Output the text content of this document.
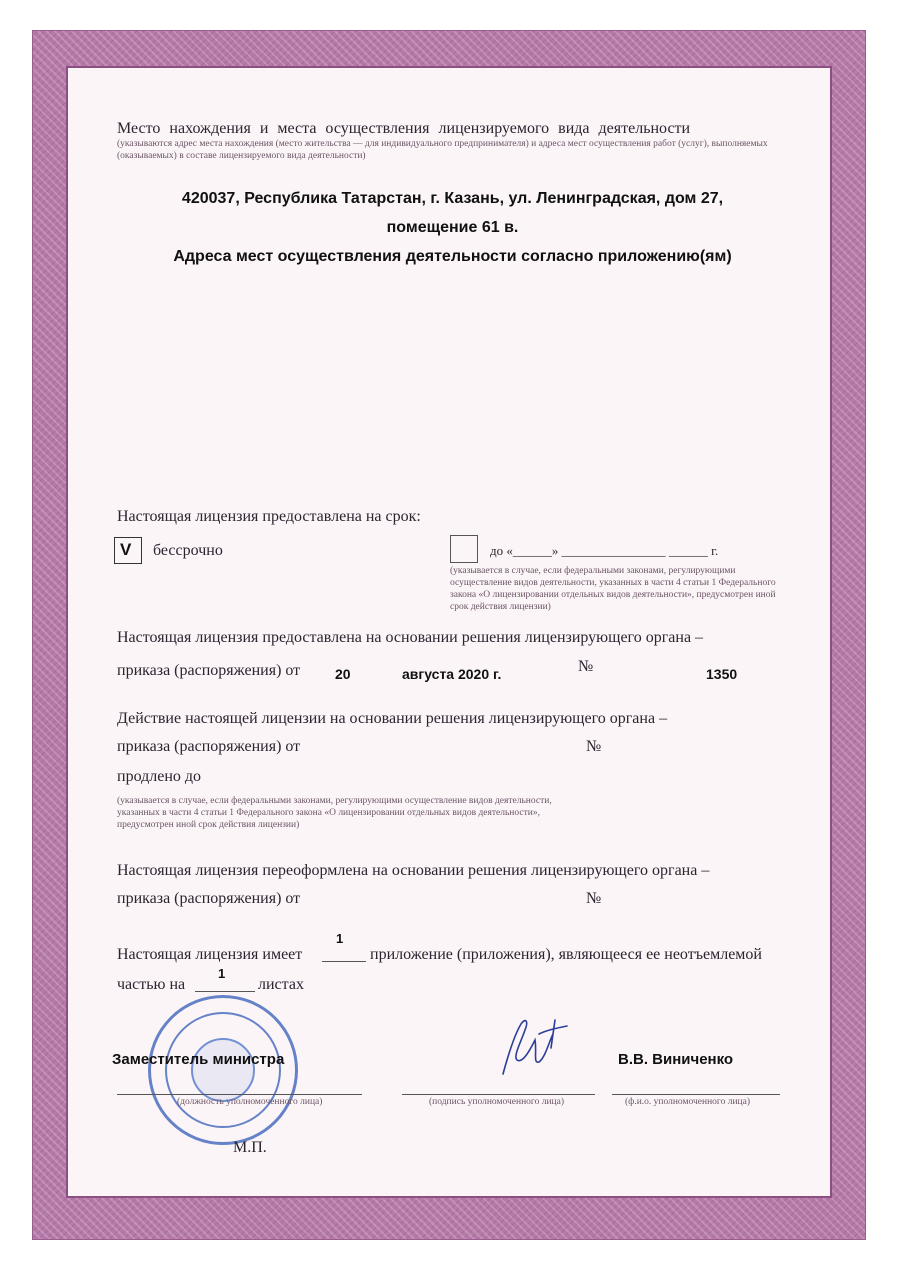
Место нахождения и места осуществления лицензируемого вида деятельности
(указываются адрес места нахождения (место жительства — для индивидуального предпринимателя) и адреса мест осуществления работ (услуг), выполняемых (оказываемых) в составе лицензируемого вида деятельности)
420037, Республика Татарстан, г. Казань, ул. Ленинградская, дом 27,
помещение 61 в.
Адреса мест осуществления деятельности согласно приложению(ям)
Настоящая лицензия предоставлена на срок:
V бессрочно	до «______» ________________ ______ г.
(указывается в случае, если федеральными законами, регулирующими осуществление видов деятельности, указанных в части 4 статьи 1 Федерального закона «О лицензировании отдельных видов деятельности», предусмотрен иной срок действия лицензии)
Настоящая лицензия предоставлена на основании решения лицензирующего органа –
приказа (распоряжения) от 20	августа 2020 г.	№	1350
Действие настоящей лицензии на основании решения лицензирующего органа –
приказа (распоряжения) от	№
продлено до
(указывается в случае, если федеральными законами, регулирующими осуществление видов деятельности, указанных в части 4 статьи 1 Федерального закона «О лицензировании отдельных видов деятельности», предусмотрен иной срок действия лицензии)
Настоящая лицензия переоформлена на основании решения лицензирующего органа –
приказа (распоряжения) от	№
Настоящая лицензия имеет
1
приложение (приложения), являющееся ее неотъемлемой
частью на
1
листах
Заместитель министра
(должность уполномоченного лица)	(подпись уполномоченного лица)
В.В. Виниченко
(ф.и.о. уполномоченного лица)
М.П.
